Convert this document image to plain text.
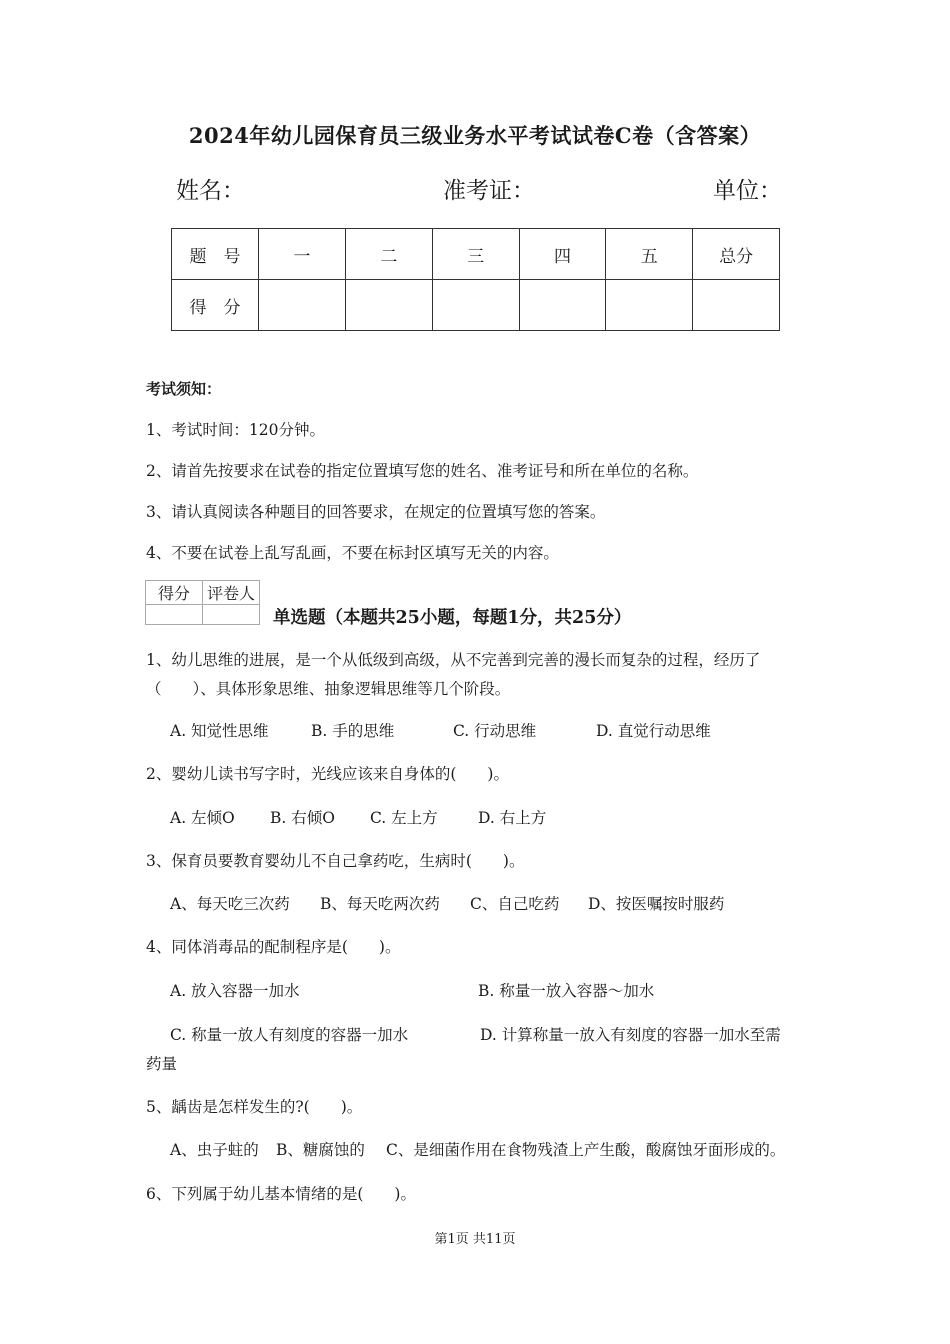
2024年幼儿园保育员三级业务水平考试试卷C卷（含答案）
姓名：	准考证：	单位：
题　号	一	二	三	四	五	总分
得　分						
考试须知：
1、考试时间：120分钟。
2、请首先按要求在试卷的指定位置填写您的姓名、准考证号和所在单位的名称。
3、请认真阅读各种题目的回答要求，在规定的位置填写您的答案。
4、不要在试卷上乱写乱画，不要在标封区填写无关的内容。
得分	评卷人

单选题（本题共25小题，每题1分，共25分）
1、幼儿思维的进展，是一个从低级到高级，从不完善到完善的漫长而复杂的过程，经历了
（　　）、具体形象思维、抽象逻辑思维等几个阶段。
A. 知觉性思维	B. 手的思维	C. 行动思维	D. 直觉行动思维
2、婴幼儿读书写字时，光线应该来自身体的(　　)。
A. 左倾O B. 右倾O C. 左上方	D. 右上方
3、保育员要教育婴幼儿不自己拿药吃，生病时(　　)。
A、每天吃三次药 B、每天吃两次药 C、自己吃药 D、按医嘱按时服药
4、同体消毒品的配制程序是(　　)。
A. 放入容器一加水	B. 称量一放入容器～加水
C. 称量一放人有刻度的容器一加水	D. 计算称量一放入有刻度的容器一加水至需
药量
5、龋齿是怎样发生的?(　　)。
A、虫子蛀的 B、糖腐蚀的 C、是细菌作用在食物残渣上产生酸，酸腐蚀牙面形成的。
6、下列属于幼儿基本情绪的是(　　)。
第1页 共11页
